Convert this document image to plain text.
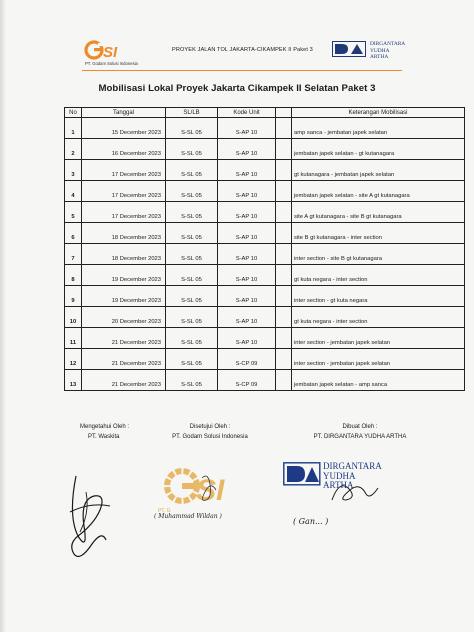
SI
PT. Godam Solusi Indonesia
PROYEK JALAN TOL JAKARTA-CIKAMPEK II Paket 3
DIRGANTARA
YUDHA
ARTHA
Mobilisasi Lokal Proyek Jakarta Cikampek II Selatan Paket 3
No	Tanggal	SL/LB	Kode Unit		Keterangan Mobilisasi
1	15 December 2023	S-SL 05	S-AP 10		amp sanca - jembatan japek selatan
2	16 December 2023	S-SL 05	S-AP 10		jembatan japek selatan - gt kutanagara
3	17 December 2023	S-SL 05	S-AP 10		gt kutanagara - jembatan japek selatan
4	17 December 2023	S-SL 05	S-AP 10		jembatan japek selatan - site A gt kutanagara
5	17 December 2023	S-SL 05	S-AP 10		site A gt kutanagara - site B gt kutanagara
6	18 December 2023	S-SL 05	S-AP 10		site B gt kutanagara - inter section
7	18 December 2023	S-SL 05	S-AP 10		inter section - site B gt kutanagara
8	19 December 2023	S-SL 05	S-AP 10		gt kuta negara - inter section
9	19 December 2023	S-SL 05	S-AP 10		inter section - gt kuta negara
10	20 December 2023	S-SL 05	S-AP 10		gt kuta negara - inter section
11	21 December 2023	S-SL 05	S-AP 10		inter section - jembatan japek selatan
12	21 December 2023	S-SL 05	S-CP 09		inter section - jembatan japek selatan
13	21 December 2023	S-SL 05	S-CP 09		jembatan japek selatan - amp sanca
Mengetahui Oleh :
PT. Waskita
Disetujui Oleh :
PT. Godam Solusi Indonesia
Dibuat Oleh :
PT. DIRGANTARA YUDHA ARTHA
SI
PT. G
( Muhammad Wildan )
DIRGANTARA
YUDHA
ARTHA
( Gan... )
